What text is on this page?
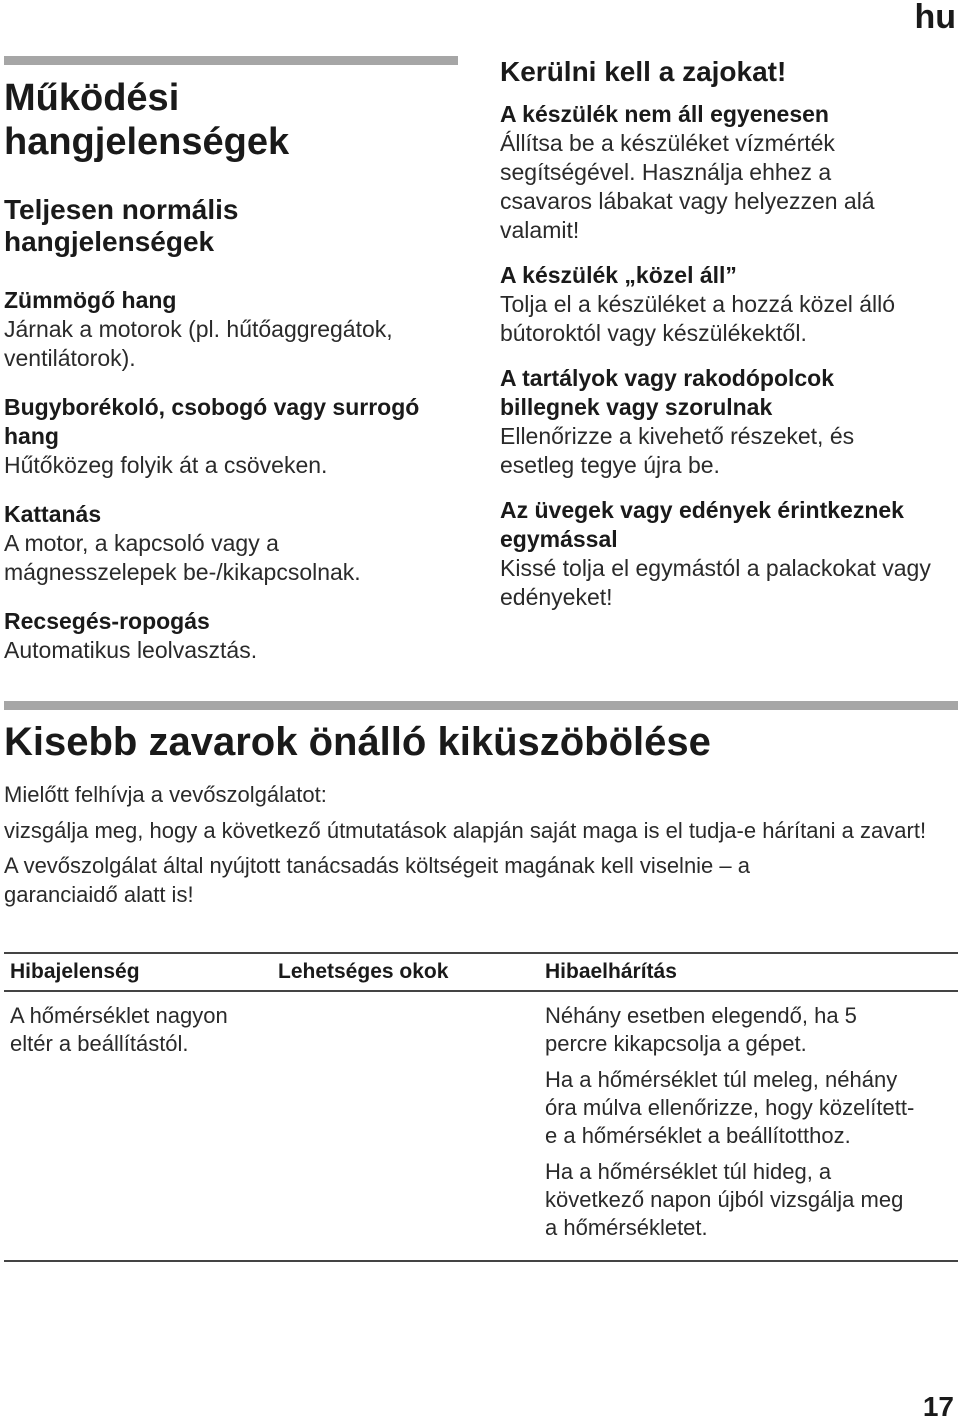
hu
Működési hangjelenségek
Teljesen normális hangjelenségek
Zümmögő hang
Járnak a motorok (pl. hűtőaggregátok, ventilátorok).
Bugyborékoló, csobogó vagy surrogó hang
Hűtőközeg folyik át a csöveken.
Kattanás
A motor, a kapcsoló vagy a mágnesszelepek be-/kikapcsolnak.
Recsegés-ropogás
Automatikus leolvasztás.
Kerülni kell a zajokat!
A készülék nem áll egyenesen
Állítsa be a készüléket vízmérték segítségével. Használja ehhez a csavaros lábakat vagy helyezzen alá valamit!
A készülék „közel áll”
Tolja el a készüléket a hozzá közel álló bútoroktól vagy készülékektől.
A tartályok vagy rakodópolcok billegnek vagy szorulnak
Ellenőrizze a kivehető részeket, és esetleg tegye újra be.
Az üvegek vagy edények érintkeznek egymással
Kissé tolja el egymástól a palackokat vagy edényeket!
Kisebb zavarok önálló kiküszöbölése
Mielőtt felhívja a vevőszolgálatot:
vizsgálja meg, hogy a következő útmutatások alapján saját maga is el tudja-e hárítani a zavart!
A vevőszolgálat által nyújtott tanácsadás költségeit magának kell viselnie – a garanciaidő alatt is!
Hibajelenség	Lehetséges okok	Hibaelhárítás
A hőmérséklet nagyon eltér a beállítástól.		Néhány esetben elegendő, ha 5 percre kikapcsolja a gépet.
Ha a hőmérséklet túl meleg, néhány óra múlva ellenőrizze, hogy közelített-e a hőmérséklet a beállítotthoz.
Ha a hőmérséklet túl hideg, a következő napon újból vizsgálja meg a hőmérsékletet.
17
